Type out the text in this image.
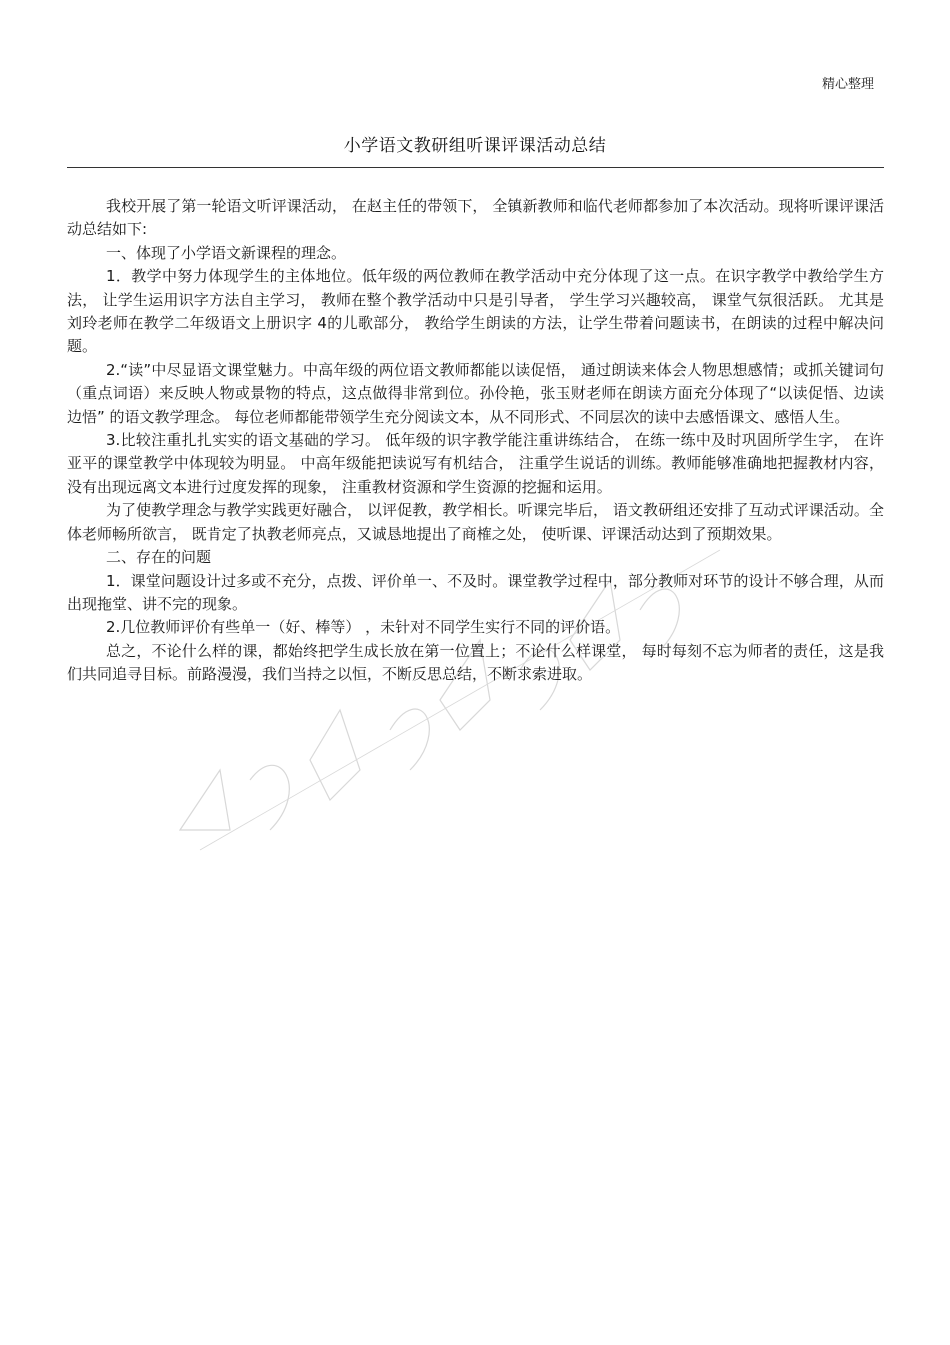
精心整理
小学语文教研组听课评课活动总结

我校开展了第一轮语文听评课活动， 在赵主任的带领下， 全镇新教师和临代老师都参加了本次活动。现将听课评课活动总结如下:

一、体现了小学语文新课程的理念。

1．教学中努力体现学生的主体地位。低年级的两位教师在教学活动中充分体现了这一点。在识字教学中教给学生方法， 让学生运用识字方法自主学习， 教师在整个教学活动中只是引导者， 学生学习兴趣较高， 课堂气氛很活跃。 尤其是刘玲老师在教学二年级语文上册识字 4的儿歌部分， 教给学生朗读的方法，让学生带着问题读书，在朗读的过程中解决问题。

2.“读”中尽显语文课堂魅力。中高年级的两位语文教师都能以读促悟， 通过朗读来体会人物思想感情；或抓关键词句（重点词语）来反映人物或景物的特点，这点做得非常到位。孙伶艳，张玉财老师在朗读方面充分体现了“以读促悟、边读边悟” 的语文教学理念。 每位老师都能带领学生充分阅读文本，从不同形式、不同层次的读中去感悟课文、感悟人生。

3.比较注重扎扎实实的语文基础的学习。 低年级的识字教学能注重讲练结合， 在练一练中及时巩固所学生字， 在许亚平的课堂教学中体现较为明显。 中高年级能把读说写有机结合， 注重学生说话的训练。教师能够准确地把握教材内容， 没有出现远离文本进行过度发挥的现象， 注重教材资源和学生资源的挖掘和运用。

为了使教学理念与教学实践更好融合， 以评促教，教学相长。听课完毕后， 语文教研组还安排了互动式评课活动。全体老师畅所欲言， 既肯定了执教老师亮点，又诚恳地提出了商榷之处， 使听课、评课活动达到了预期效果。

二、存在的问题

1．课堂问题设计过多或不充分，点拨、评价单一、不及时。课堂教学过程中，部分教师对环节的设计不够合理，从而出现拖堂、讲不完的现象。

2.几位教师评价有些单一（好、棒等） ，未针对不同学生实行不同的评价语。

总之，不论什么样的课，都始终把学生成长放在第一位置上；不论什么样课堂， 每时每刻不忘为师者的责任，这是我们共同追寻目标。前路漫漫，我们当持之以恒，不断反思总结，不断求索进取。
